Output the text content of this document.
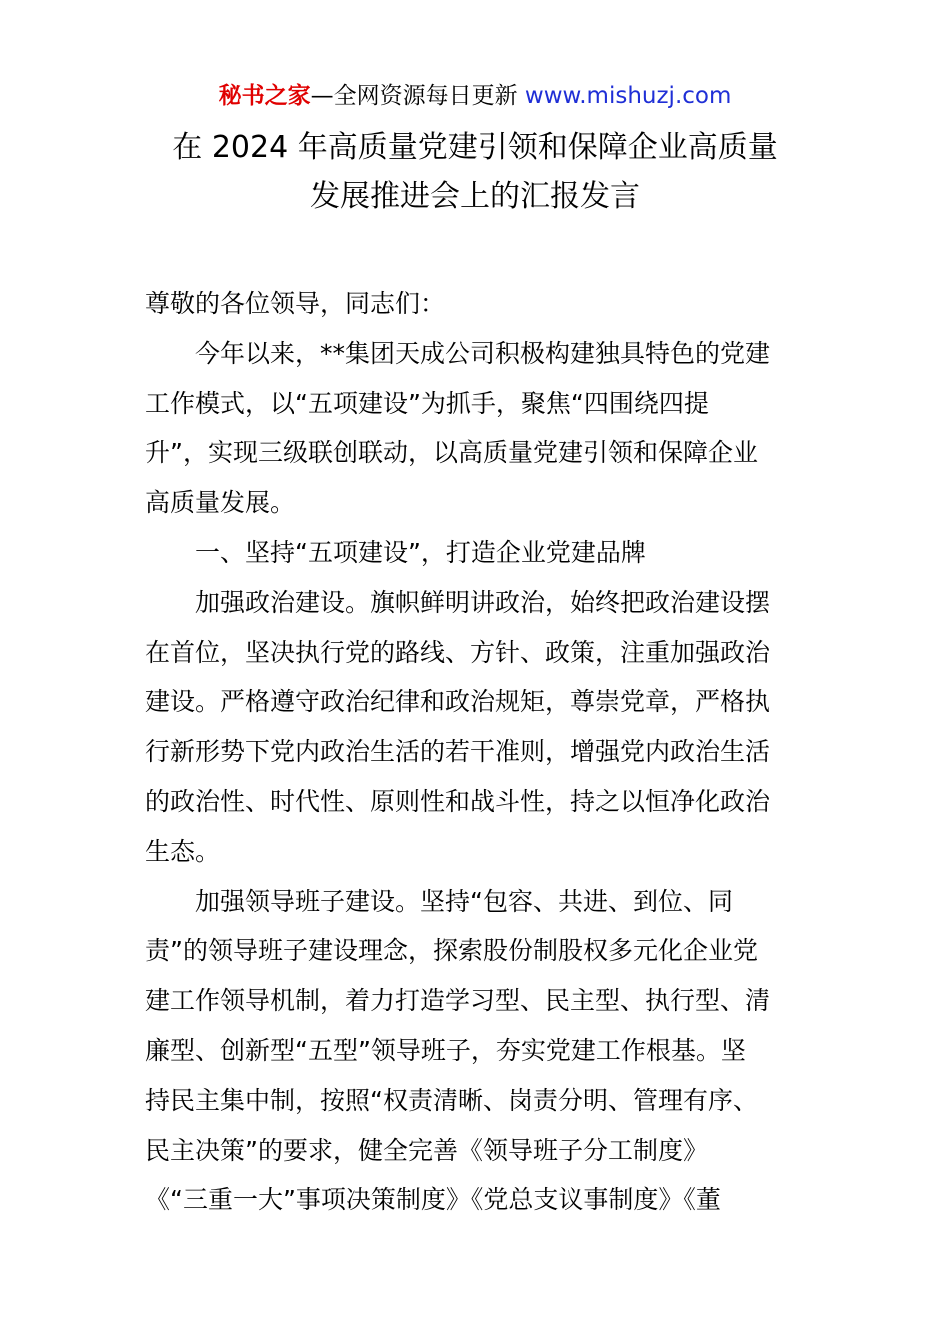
秘书之家—全网资源每日更新 www.mishuzj.com
在 2024 年高质量党建引领和保障企业高质量
发展推进会上的汇报发言
尊敬的各位领导，同志们：
今年以来，**集团天成公司积极构建独具特色的党建
工作模式，以“五项建设”为抓手，聚焦“四围绕四提
升”，实现三级联创联动，以高质量党建引领和保障企业
高质量发展。
一、坚持“五项建设”，打造企业党建品牌
加强政治建设。旗帜鲜明讲政治，始终把政治建设摆
在首位，坚决执行党的路线、方针、政策，注重加强政治
建设。严格遵守政治纪律和政治规矩，尊崇党章，严格执
行新形势下党内政治生活的若干准则，增强党内政治生活
的政治性、时代性、原则性和战斗性，持之以恒净化政治
生态。
加强领导班子建设。坚持“包容、共进、到位、同
责”的领导班子建设理念，探索股份制股权多元化企业党
建工作领导机制，着力打造学习型、民主型、执行型、清
廉型、创新型“五型”领导班子，夯实党建工作根基。坚
持民主集中制，按照“权责清晰、岗责分明、管理有序、
民主决策”的要求，健全完善《领导班子分工制度》
《“三重一大”事项决策制度》《党总支议事制度》《董
